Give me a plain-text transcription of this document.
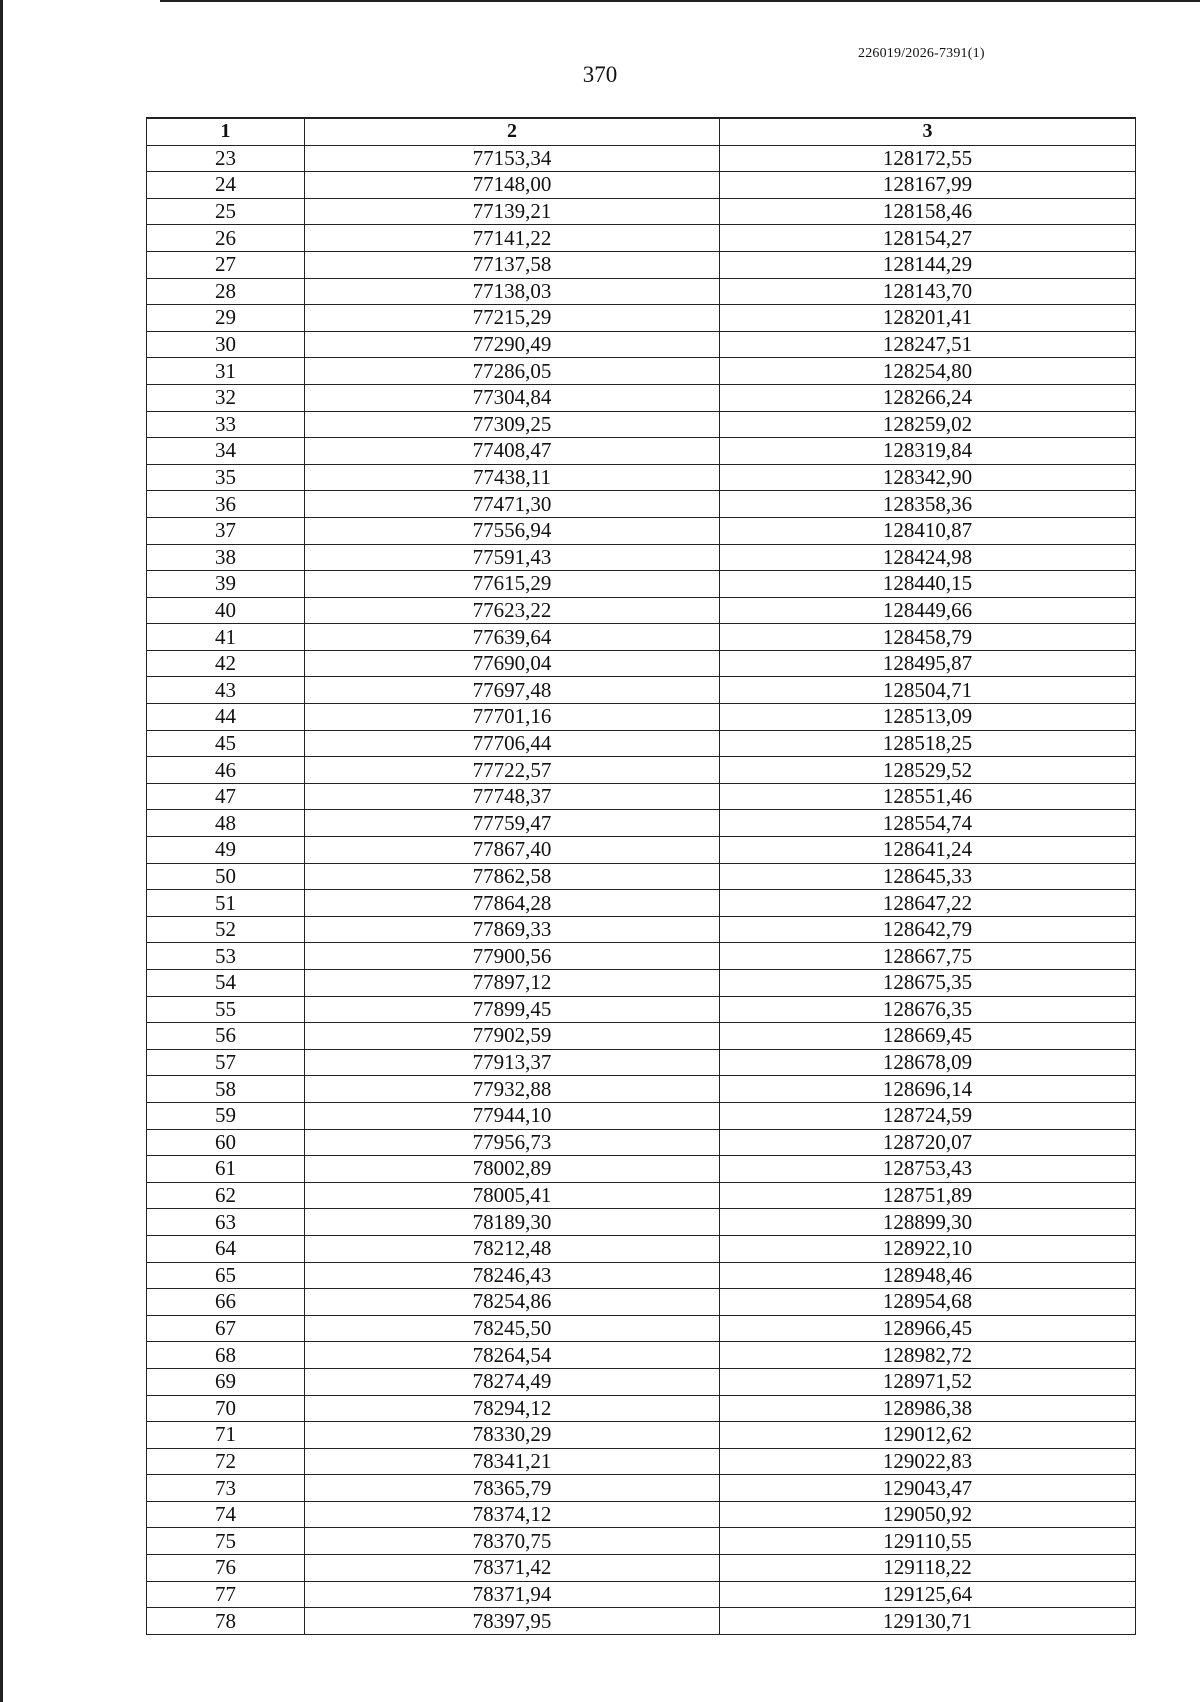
226019/2026-7391(1)
370
1	2	3
23	77153,34	128172,55
24	77148,00	128167,99
25	77139,21	128158,46
26	77141,22	128154,27
27	77137,58	128144,29
28	77138,03	128143,70
29	77215,29	128201,41
30	77290,49	128247,51
31	77286,05	128254,80
32	77304,84	128266,24
33	77309,25	128259,02
34	77408,47	128319,84
35	77438,11	128342,90
36	77471,30	128358,36
37	77556,94	128410,87
38	77591,43	128424,98
39	77615,29	128440,15
40	77623,22	128449,66
41	77639,64	128458,79
42	77690,04	128495,87
43	77697,48	128504,71
44	77701,16	128513,09
45	77706,44	128518,25
46	77722,57	128529,52
47	77748,37	128551,46
48	77759,47	128554,74
49	77867,40	128641,24
50	77862,58	128645,33
51	77864,28	128647,22
52	77869,33	128642,79
53	77900,56	128667,75
54	77897,12	128675,35
55	77899,45	128676,35
56	77902,59	128669,45
57	77913,37	128678,09
58	77932,88	128696,14
59	77944,10	128724,59
60	77956,73	128720,07
61	78002,89	128753,43
62	78005,41	128751,89
63	78189,30	128899,30
64	78212,48	128922,10
65	78246,43	128948,46
66	78254,86	128954,68
67	78245,50	128966,45
68	78264,54	128982,72
69	78274,49	128971,52
70	78294,12	128986,38
71	78330,29	129012,62
72	78341,21	129022,83
73	78365,79	129043,47
74	78374,12	129050,92
75	78370,75	129110,55
76	78371,42	129118,22
77	78371,94	129125,64
78	78397,95	129130,71
